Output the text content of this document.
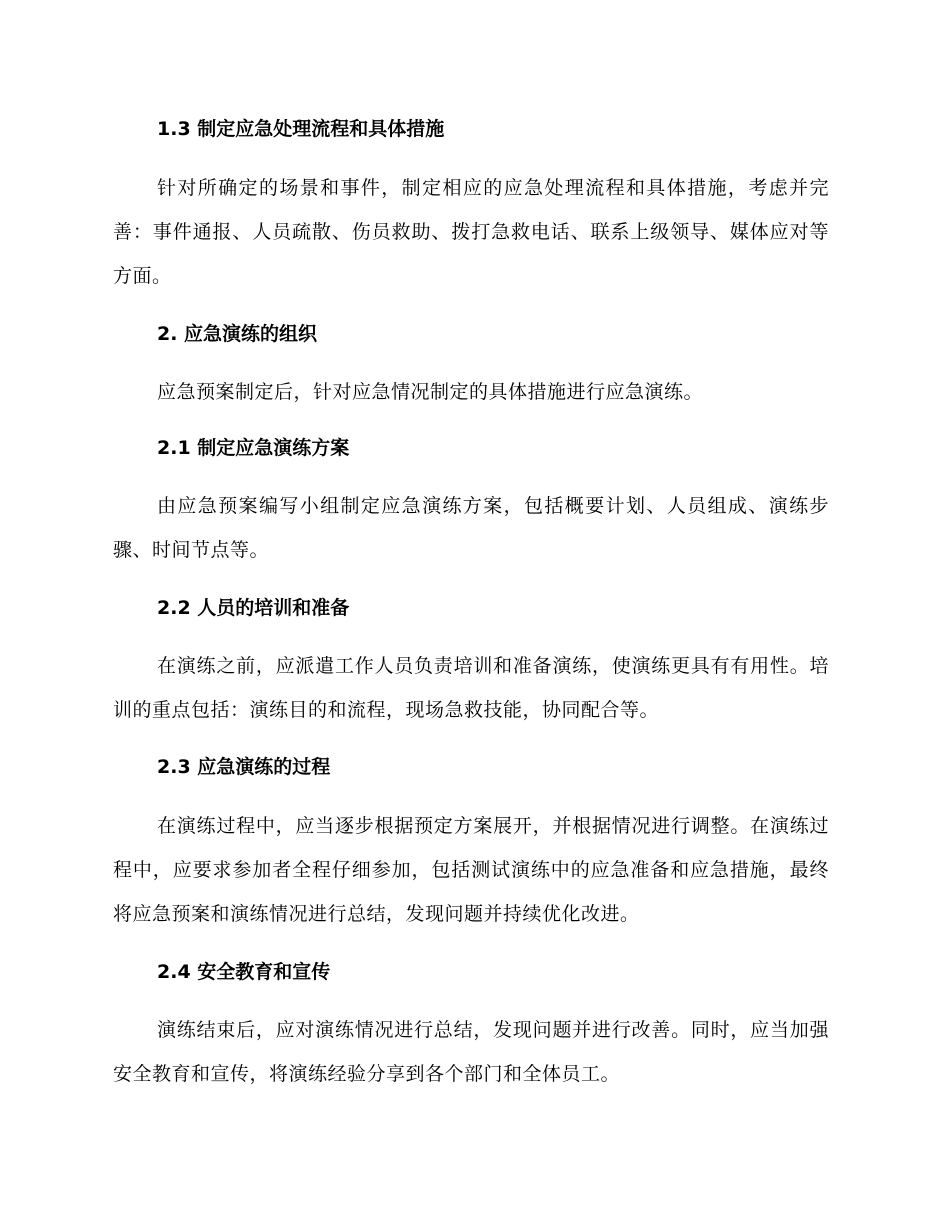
1.3 制定应急处理流程和具体措施
针对所确定的场景和事件，制定相应的应急处理流程和具体措施，考虑并完善：事件通报、人员疏散、伤员救助、拨打急救电话、联系上级领导、媒体应对等方面。
2. 应急演练的组织
应急预案制定后，针对应急情况制定的具体措施进行应急演练。
2.1 制定应急演练方案
由应急预案编写小组制定应急演练方案，包括概要计划、人员组成、演练步骤、时间节点等。
2.2 人员的培训和准备
在演练之前，应派遣工作人员负责培训和准备演练，使演练更具有有用性。培训的重点包括：演练目的和流程，现场急救技能，协同配合等。
2.3 应急演练的过程
在演练过程中，应当逐步根据预定方案展开，并根据情况进行调整。在演练过程中，应要求参加者全程仔细参加，包括测试演练中的应急准备和应急措施，最终将应急预案和演练情况进行总结，发现问题并持续优化改进。
2.4 安全教育和宣传
演练结束后，应对演练情况进行总结，发现问题并进行改善。同时，应当加强安全教育和宣传，将演练经验分享到各个部门和全体员工。
